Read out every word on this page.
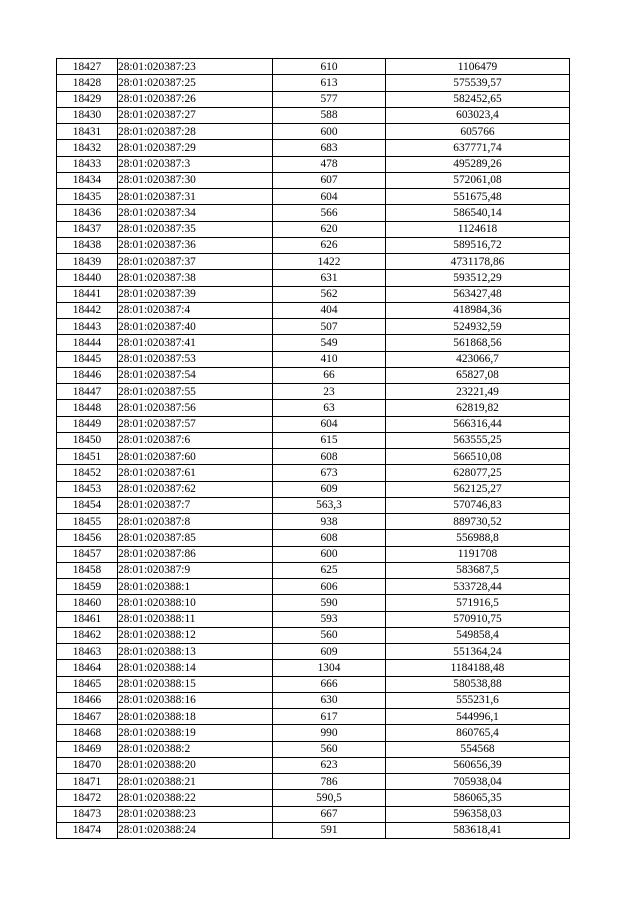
18427	28:01:020387:23	610	1106479
18428	28:01:020387:25	613	575539,57
18429	28:01:020387:26	577	582452,65
18430	28:01:020387:27	588	603023,4
18431	28:01:020387:28	600	605766
18432	28:01:020387:29	683	637771,74
18433	28:01:020387:3	478	495289,26
18434	28:01:020387:30	607	572061,08
18435	28:01:020387:31	604	551675,48
18436	28:01:020387:34	566	586540,14
18437	28:01:020387:35	620	1124618
18438	28:01:020387:36	626	589516,72
18439	28:01:020387:37	1422	4731178,86
18440	28:01:020387:38	631	593512,29
18441	28:01:020387:39	562	563427,48
18442	28:01:020387:4	404	418984,36
18443	28:01:020387:40	507	524932,59
18444	28:01:020387:41	549	561868,56
18445	28:01:020387:53	410	423066,7
18446	28:01:020387:54	66	65827,08
18447	28:01:020387:55	23	23221,49
18448	28:01:020387:56	63	62819,82
18449	28:01:020387:57	604	566316,44
18450	28:01:020387:6	615	563555,25
18451	28:01:020387:60	608	566510,08
18452	28:01:020387:61	673	628077,25
18453	28:01:020387:62	609	562125,27
18454	28:01:020387:7	563,3	570746,83
18455	28:01:020387:8	938	889730,52
18456	28:01:020387:85	608	556988,8
18457	28:01:020387:86	600	1191708
18458	28:01:020387:9	625	583687,5
18459	28:01:020388:1	606	533728,44
18460	28:01:020388:10	590	571916,5
18461	28:01:020388:11	593	570910,75
18462	28:01:020388:12	560	549858,4
18463	28:01:020388:13	609	551364,24
18464	28:01:020388:14	1304	1184188,48
18465	28:01:020388:15	666	580538,88
18466	28:01:020388:16	630	555231,6
18467	28:01:020388:18	617	544996,1
18468	28:01:020388:19	990	860765,4
18469	28:01:020388:2	560	554568
18470	28:01:020388:20	623	560656,39
18471	28:01:020388:21	786	705938,04
18472	28:01:020388:22	590,5	586065,35
18473	28:01:020388:23	667	596358,03
18474	28:01:020388:24	591	583618,41
